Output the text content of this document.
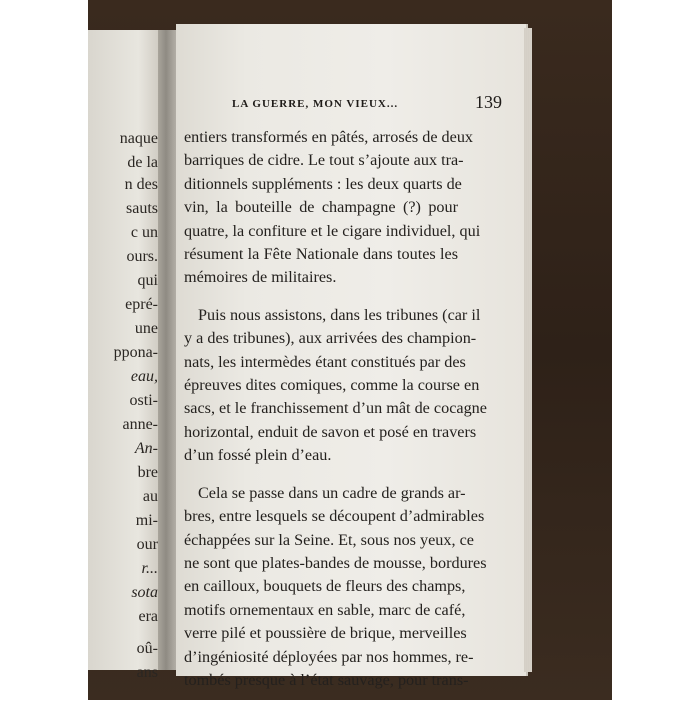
naque
de la
n des
sauts
c un
ours.
qui
epré-
une
ppona-
eau,
osti-
anne-
An-
bre
au
mi-
our
r...
sota
era
oû-
ans
LA GUERRE, MON VIEUX...	139

entiers transformés en pâtés, arrosés de deux
barriques de cidre. Le tout s’ajoute aux tra-
ditionnels suppléments : les deux quarts de
vin, la bouteille de champagne (?) pour
quatre, la confiture et le cigare individuel, qui
résument la Fête Nationale dans toutes les
mémoires de militaires.

Puis nous assistons, dans les tribunes (car il
y a des tribunes), aux arrivées des champion-
nats, les intermèdes étant constitués par des
épreuves dites comiques, comme la course en
sacs, et le franchissement d’un mât de cocagne
horizontal, enduit de savon et posé en travers
d’un fossé plein d’eau.

Cela se passe dans un cadre de grands ar-
bres, entre lesquels se découpent d’admirables
échappées sur la Seine. Et, sous nos yeux, ce
ne sont que plates-bandes de mousse, bordures
en cailloux, bouquets de fleurs des champs,
motifs ornementaux en sable, marc de café,
verre pilé et poussière de brique, merveilles
d’ingéniosité déployées par nos hommes, re-
tombés presque à l’état sauvage, pour trans-
